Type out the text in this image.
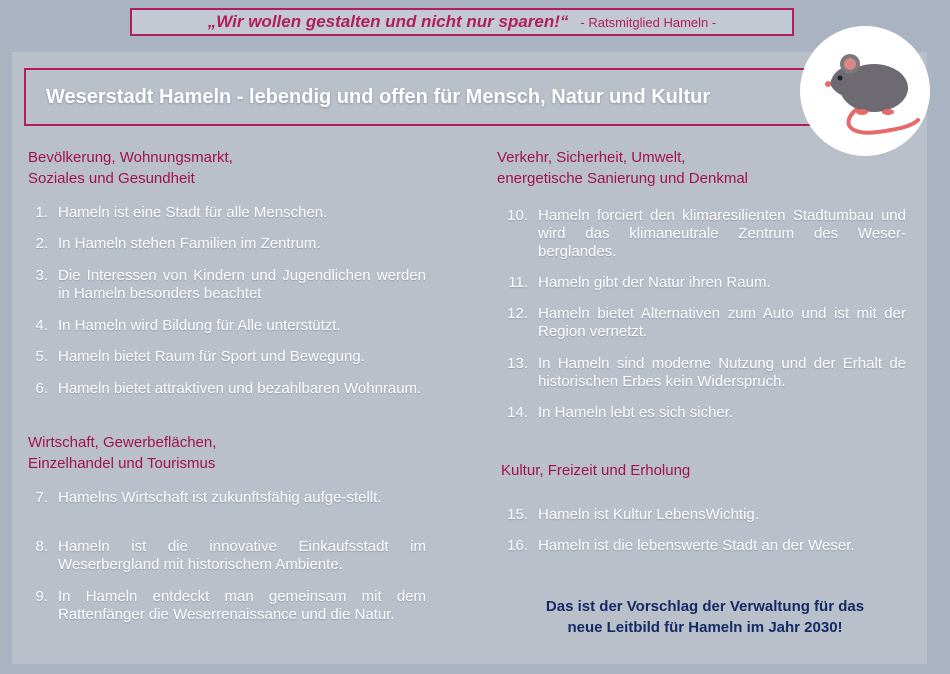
„Wir wollen gestalten und nicht nur sparen!“ - Ratsmitglied Hameln -
Weserstadt Hameln - lebendig und offen für Mensch, Natur und Kultur
Bevölkerung, Wohnungsmarkt,
Soziales und Gesundheit
1. Hameln ist eine Stadt für alle Menschen.
2. In Hameln stehen Familien im Zentrum.
3. Die Interessen von Kindern und Jugendlichen werden in Hameln besonders beachtet
4. In Hameln wird Bildung für Alle unterstützt.
5. Hameln bietet Raum für Sport und Bewegung.
6. Hameln bietet attraktiven und bezahlbaren Wohnraum.
Wirtschaft, Gewerbeflächen,
Einzelhandel und Tourismus
7. Hamelns Wirtschaft ist zukunftsfähig aufge-stellt.
8. Hameln ist die innovative Einkaufsstadt im Weserbergland mit historischem Ambiente.
9. In Hameln entdeckt man gemeinsam mit dem Rattenfänger die Weserrenaissance und die Natur.
Verkehr, Sicherheit, Umwelt,
energetische Sanierung und Denkmal
10. Hameln forciert den klimaresilienten Stadtumbau und wird das klimaneutrale Zentrum des Weser-berglandes.
11. Hameln gibt der Natur ihren Raum.
12. Hameln bietet Alternativen zum Auto und ist mit der Region vernetzt.
13. In Hameln sind moderne Nutzung und der Erhalt de historischen Erbes kein Widerspruch.
14. In Hameln lebt es sich sicher.
Kultur, Freizeit und Erholung
15. Hameln ist Kultur LebensWichtig.
16. Hameln ist die lebenswerte Stadt an der Weser.
Das ist der Vorschlag der Verwaltung für das
neue Leitbild für Hameln im Jahr 2030!
